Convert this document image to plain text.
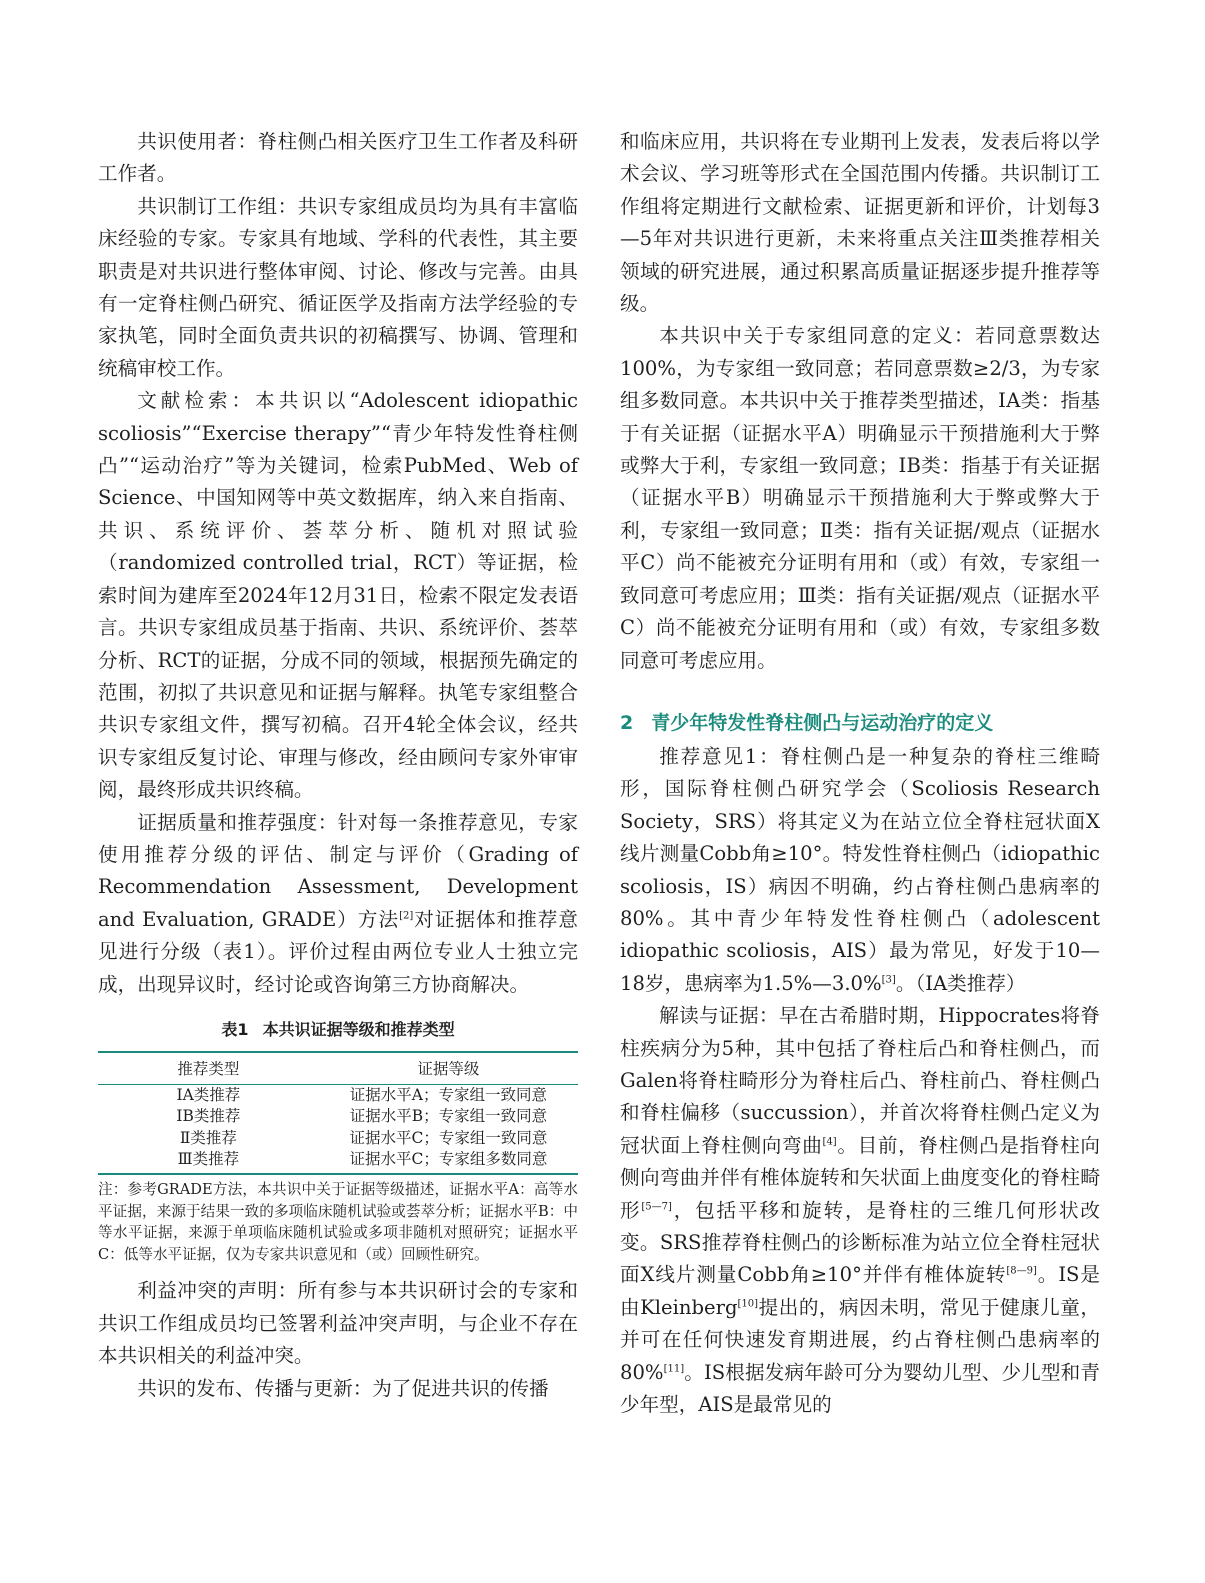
共识使用者：脊柱侧凸相关医疗卫生工作者及科研工作者。

共识制订工作组：共识专家组成员均为具有丰富临床经验的专家。专家具有地域、学科的代表性，其主要职责是对共识进行整体审阅、讨论、修改与完善。由具有一定脊柱侧凸研究、循证医学及指南方法学经验的专家执笔，同时全面负责共识的初稿撰写、协调、管理和统稿审校工作。

文献检索：本共识以“Adolescent idiopathic scoliosis”“Exercise therapy”“青少年特发性脊柱侧凸”“运动治疗”等为关键词，检索PubMed、Web of Science、中国知网等中英文数据库，纳入来自指南、共识、系统评价、荟萃分析、随机对照试验（randomized controlled trial，RCT）等证据，检索时间为建库至2024年12月31日，检索不限定发表语言。共识专家组成员基于指南、共识、系统评价、荟萃分析、RCT的证据，分成不同的领域，根据预先确定的范围，初拟了共识意见和证据与解释。执笔专家组整合共识专家组文件，撰写初稿。召开4轮全体会议，经共识专家组反复讨论、审理与修改，经由顾问专家外审审阅，最终形成共识终稿。

证据质量和推荐强度：针对每一条推荐意见，专家使用推荐分级的评估、制定与评价（Grading of Recommendation Assessment, Development and Evaluation, GRADE）方法[2]对证据体和推荐意见进行分级（表1）。评价过程由两位专业人士独立完成，出现异议时，经讨论或咨询第三方协商解决。

表1 本共识证据等级和推荐类型
推荐类型	证据等级
ⅠA类推荐	证据水平A；专家组一致同意
ⅠB类推荐	证据水平B；专家组一致同意
Ⅱ类推荐	证据水平C；专家组一致同意
Ⅲ类推荐	证据水平C；专家组多数同意

注：参考GRADE方法，本共识中关于证据等级描述，证据水平A：高等水平证据，来源于结果一致的多项临床随机试验或荟萃分析；证据水平B：中等水平证据，来源于单项临床随机试验或多项非随机对照研究；证据水平C：低等水平证据，仅为专家共识意见和（或）回顾性研究。

利益冲突的声明：所有参与本共识研讨会的专家和共识工作组成员均已签署利益冲突声明，与企业不存在本共识相关的利益冲突。

共识的发布、传播与更新：为了促进共识的传播

和临床应用，共识将在专业期刊上发表，发表后将以学术会议、学习班等形式在全国范围内传播。共识制订工作组将定期进行文献检索、证据更新和评价，计划每3—5年对共识进行更新，未来将重点关注Ⅲ类推荐相关领域的研究进展，通过积累高质量证据逐步提升推荐等级。

本共识中关于专家组同意的定义：若同意票数达100%，为专家组一致同意；若同意票数≥2/3，为专家组多数同意。本共识中关于推荐类型描述，ⅠA类：指基于有关证据（证据水平A）明确显示干预措施利大于弊或弊大于利，专家组一致同意；ⅠB类：指基于有关证据（证据水平B）明确显示干预措施利大于弊或弊大于利，专家组一致同意；Ⅱ类：指有关证据/观点（证据水平C）尚不能被充分证明有用和（或）有效，专家组一致同意可考虑应用；Ⅲ类：指有关证据/观点（证据水平C）尚不能被充分证明有用和（或）有效，专家组多数同意可考虑应用。

2 青少年特发性脊柱侧凸与运动治疗的定义

推荐意见1：脊柱侧凸是一种复杂的脊柱三维畸形，国际脊柱侧凸研究学会（Scoliosis Research Society，SRS）将其定义为在站立位全脊柱冠状面X线片测量Cobb角≥10°。特发性脊柱侧凸（idiopathic scoliosis，IS）病因不明确，约占脊柱侧凸患病率的80%。其中青少年特发性脊柱侧凸（adolescent idiopathic scoliosis，AIS）最为常见，好发于10—18岁，患病率为1.5%—3.0%[3]。（ⅠA类推荐）

解读与证据：早在古希腊时期，Hippocrates将脊柱疾病分为5种，其中包括了脊柱后凸和脊柱侧凸，而Galen将脊柱畸形分为脊柱后凸、脊柱前凸、脊柱侧凸和脊柱偏移（succussion），并首次将脊柱侧凸定义为冠状面上脊柱侧向弯曲[4]。目前，脊柱侧凸是指脊柱向侧向弯曲并伴有椎体旋转和矢状面上曲度变化的脊柱畸形[5—7]，包括平移和旋转，是脊柱的三维几何形状改变。SRS推荐脊柱侧凸的诊断标准为站立位全脊柱冠状面X线片测量Cobb角≥10°并伴有椎体旋转[8—9]。IS是由Kleinberg[10]提出的，病因未明，常见于健康儿童，并可在任何快速发育期进展，约占脊柱侧凸患病率的80%[11]。IS根据发病年龄可分为婴幼儿型、少儿型和青少年型，AIS是最常见的
